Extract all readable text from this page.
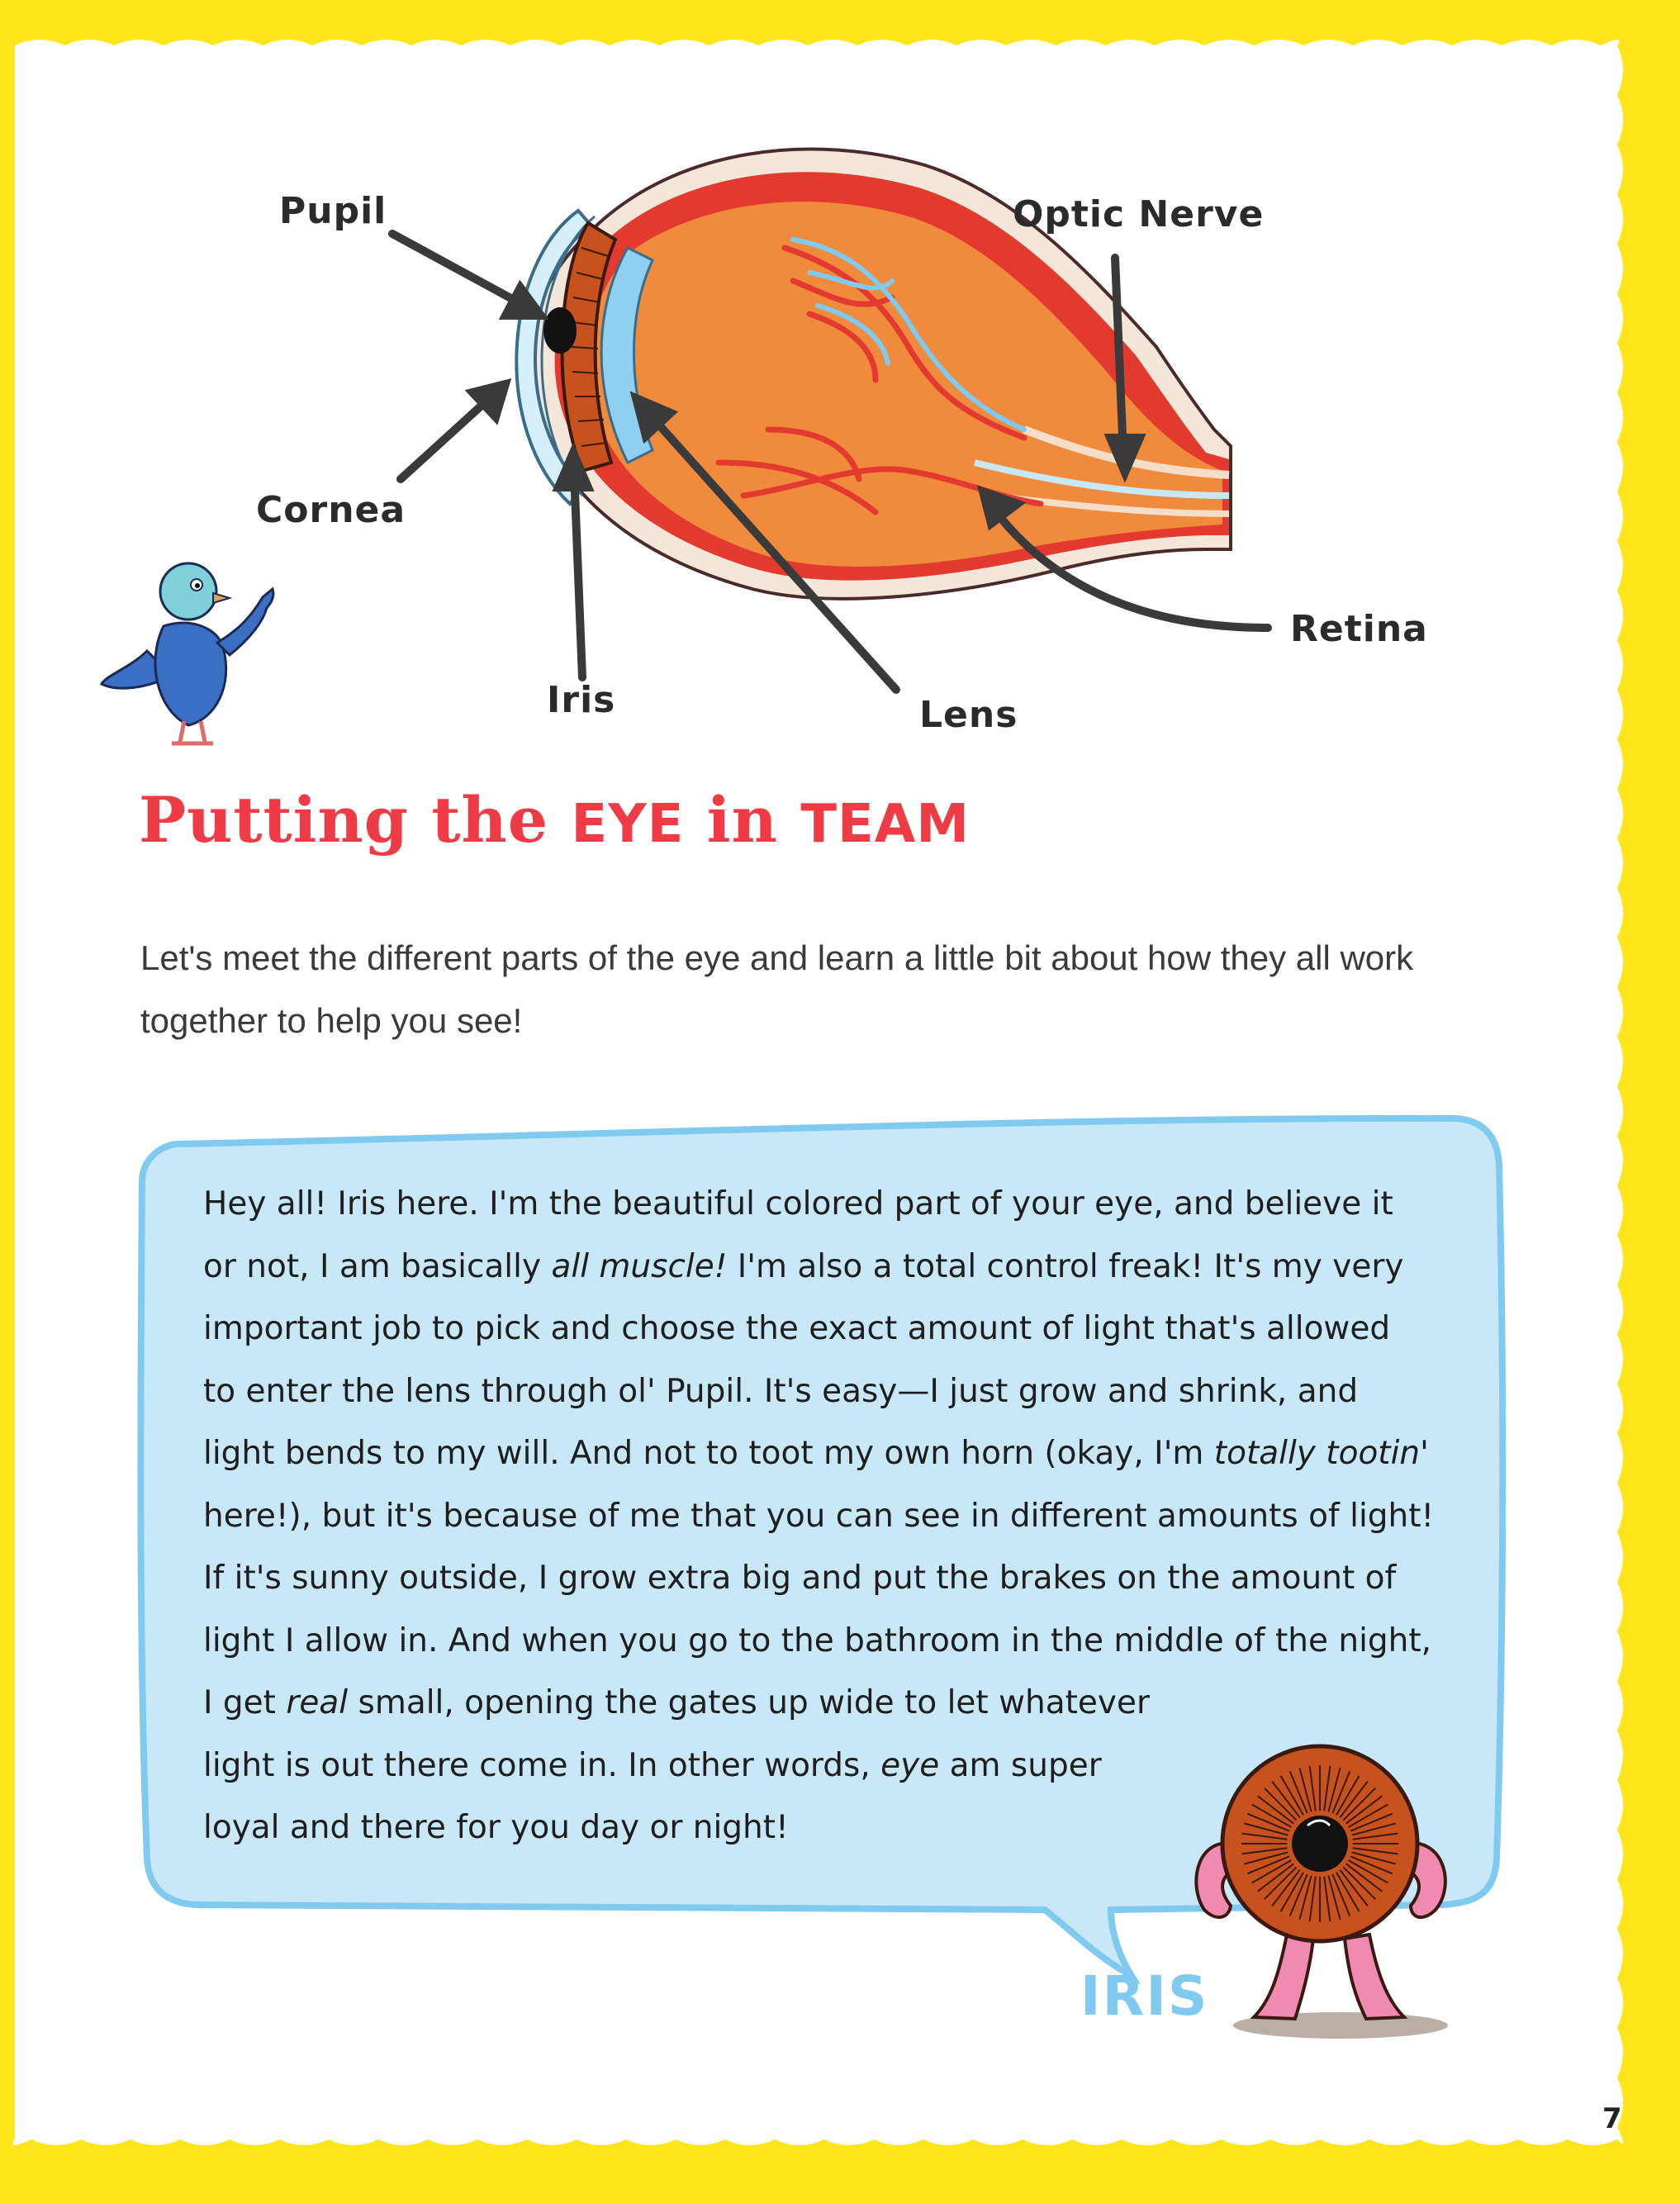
Pupil	Optic Nerve
Cornea
Iris	Lens
Retina
Putting the EYE in TEAM
Let's meet the different parts of the eye and learn a little bit about how they all work together to help you see!
Hey all! Iris here. I'm the beautiful colored part of your eye, and believe it
or not, I am basically all muscle! I'm also a total control freak! It's my very
important job to pick and choose the exact amount of light that's allowed
to enter the lens through ol' Pupil. It's easy—I just grow and shrink, and
light bends to my will. And not to toot my own horn (okay, I'm totally tootin'
here!), but it's because of me that you can see in different amounts of light!
If it's sunny outside, I grow extra big and put the brakes on the amount of
light I allow in. And when you go to the bathroom in the middle of the night,
I get real small, opening the gates up wide to let whatever
light is out there come in. In other words, eye am super
loyal and there for you day or night!
IRIS
7
